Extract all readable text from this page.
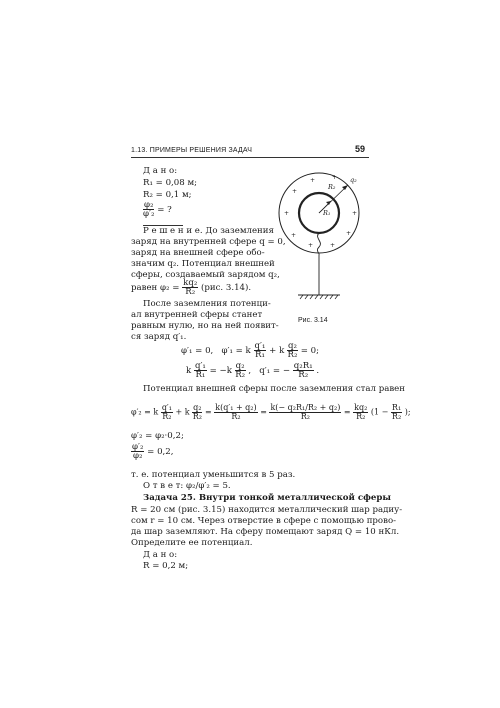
1.13. ПРИМЕРЫ РЕШЕНИЯ ЗАДАЧ	59
Д а н о:
R₁ = 0,08 м;
R₂ = 0,1 м;
$\frac{\text{φ₂}}{\text{φ′₂}}$ = ?
Р е ш е н и е. До заземления
заряд на внутренней сфере q = 0,
заряд на внешней сфере обо-
значим q₂. Потенциал внешней
сферы, создаваемый зарядом q₂,
равен $\varphi_2 = \frac{\text{kq₂}}{\text{R₂}} (рис$. 3.14).
После заземления потенци-
ал внутренней сферы станет
равным нулю, но на ней появит-
ся заряд q′₁.
+	+
+
+
+
+	+
+
+
R₂
R₁
q₂
Рис. 3.14
φ′₁ = 0, φ′₁ = k $\frac{\text{q′₁}}{\text{R₁}} + k \frac{\text{q₂}}{\text{R₂}} = 0$;
k $\frac{\text{q′₁}}{\text{R₁}} = -k \frac{\text{q₂}}{\text{R₂}}$ , q′₁ = − $\frac{\text{q₂R₁}}{\text{R₂}}$ .
Потенциал внешней сферы после заземления стал равен
φ′₂ = k $\frac{\text{q′₁}}{\text{R₂}} + k \frac{\text{q₂}}{\text{R₂}} = \frac{\text{k(q′₁ + q₂)}}{\text{R₂}} = \frac{\text{k(− q₂R₁/R₂ + q₂)}}{\text{R₂}} = \frac{\text{kq₂}}{\text{R₂}} (1 - \frac{\text{R₁}}{\text{R₂}}$ );
φ′₂ = φ₂·0,2;
$\frac{\text{φ′₂}}{\text{φ₂}} = 0,2$,
т. е. потенциал уменьшится в 5 раз.
О т в е т: φ₂/φ′₂ = 5.
Задача 25. Внутри тонкой металлической сферы
R = 20 см (рис. 3.15) находится металлический шар радиу-
сом r = 10 см. Через отверстие в сфере с помощью прово-
да шар заземляют. На сферу помещают заряд Q = 10 нКл.
Определите ее потенциал.
Д а н о:
R = 0,2 м;
